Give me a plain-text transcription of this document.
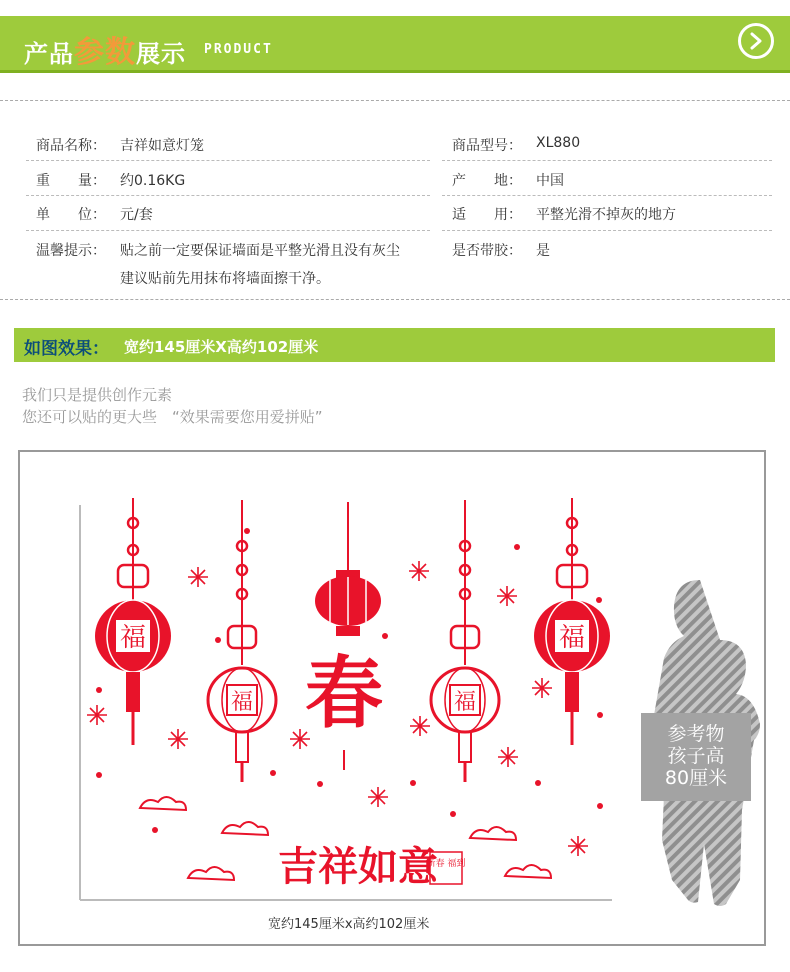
产品参数展示 PRODUCT
商品名称： 吉祥如意灯笼	商品型号： XL880
重　　量： 约0.16KG	产　　地： 中国
单　　位： 元/套	适　　用： 平整光滑不掉灰的地方
温馨提示： 贴之前一定要保证墙面是平整光滑且没有灰尘
建议贴前先用抹布将墙面擦干净。
是否带胶： 是
如图效果： 宽约145厘米X高约102厘米
我们只是提供创作元素
您还可以贴的更大些　“效果需要您用爱拼贴”
福	福
福	福
春
吉祥如意
新春 福到
参考物
孩子高
80厘米
宽约145厘米x高约102厘米
